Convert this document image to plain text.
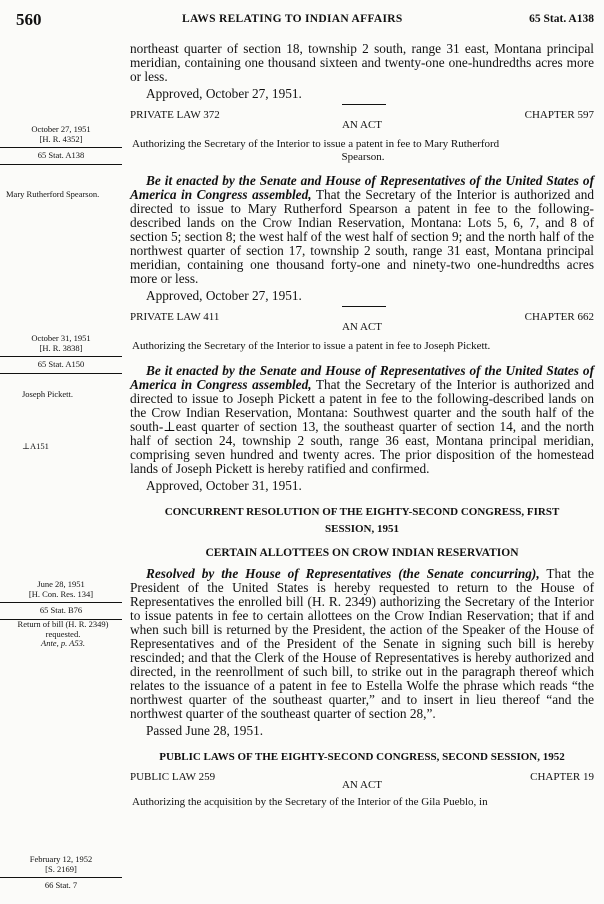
560	LAWS RELATING TO INDIAN AFFAIRS	65 Stat. A138
October 27, 1951
[H. R. 4352]
65 Stat. A138
Mary Rutherford Spearson.
October 31, 1951
[H. R. 3838]
65 Stat. A150
Joseph Pickett.
⊥A151
June 28, 1951
[H. Con. Res. 134]
65 Stat. B76
Return of bill (H. R. 2349) requested.
Ante, p. A53.
February 12, 1952
[S. 2169]
66 Stat. 7

northeast quarter of section 18, township 2 south, range 31 east, Montana principal meridian, containing one thousand sixteen and twenty-one one-hundredths acres more or less.

Approved, October 27, 1951.

PRIVATE LAW 372	CHAPTER 597
AN ACT

Authorizing the Secretary of the Interior to issue a patent in fee to Mary Rutherford
Spearson.

Be it enacted by the Senate and House of Representatives of the United States of America in Congress assembled, That the Secretary of the Interior is authorized and directed to issue to Mary Rutherford Spearson a patent in fee to the following-described lands on the Crow Indian Reservation, Montana: Lots 5, 6, 7, and 8 of section 5; section 8; the west half of the west half of section 9; and the north half of the northwest quarter of section 17, township 2 south, range 31 east, Montana principal meridian, containing one thousand forty-one and ninety-two one-hundredths acres more or less.

Approved, October 27, 1951.

PRIVATE LAW 411	CHAPTER 662
AN ACT

Authorizing the Secretary of the Interior to issue a patent in fee to Joseph Pickett.

Be it enacted by the Senate and House of Representatives of the United States of America in Congress assembled, That the Secretary of the Interior is authorized and directed to issue to Joseph Pickett a patent in fee to the following-described lands on the Crow Indian Reservation, Montana: Southwest quarter and the south half of the south-⊥east quarter of section 13, the southeast quarter of section 14, and the north half of section 24, township 2 south, range 36 east, Montana principal meridian, comprising seven hundred and twenty acres. The prior disposition of the homestead lands of Joseph Pickett is hereby ratified and confirmed.

Approved, October 31, 1951.

CONCURRENT RESOLUTION OF THE EIGHTY-SECOND CONGRESS, FIRST

SESSION, 1951

CERTAIN ALLOTTEES ON CROW INDIAN RESERVATION

Resolved by the House of Representatives (the Senate concurring), That the President of the United States is hereby requested to return to the House of Representatives the enrolled bill (H. R. 2349) authorizing the Secretary of the Interior to issue patents in fee to certain allottees on the Crow Indian Reservation; that if and when such bill is returned by the President, the action of the Speaker of the House of Representatives and of the President of the Senate in signing such bill is hereby rescinded; and that the Clerk of the House of Representatives is hereby authorized and directed, in the reenrollment of such bill, to strike out in the paragraph thereof which relates to the issuance of a patent in fee to Estella Wolfe the phrase which reads “the northwest quarter of the southeast quarter,” and to insert in lieu thereof “and the northwest quarter of the southeast quarter of section 28,”.

Passed June 28, 1951.

PUBLIC LAWS OF THE EIGHTY-SECOND CONGRESS, SECOND SESSION, 1952

PUBLIC LAW 259	CHAPTER 19
AN ACT

Authorizing the acquisition by the Secretary of the Interior of the Gila Pueblo, in
